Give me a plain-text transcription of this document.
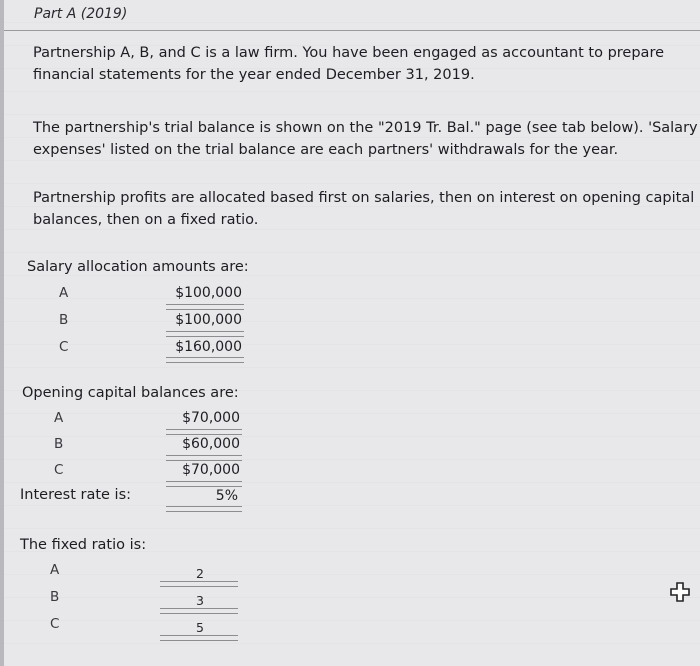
Part A (2019)
Partnership A, B, and C is a law firm. You have been engaged as accountant to prepare financial statements for the year ended December 31, 2019.
The partnership's trial balance is shown on the "2019 Tr. Bal." page (see tab below). 'Salary expenses' listed on the trial balance are each partners' withdrawals for the year.
Partnership profits are allocated based first on salaries, then on interest on opening capital balances, then on a fixed ratio.
Salary allocation amounts are:
A	$100,000
B	$100,000
C	$160,000
Opening capital balances are:
A	$70,000
B	$60,000
C	$70,000
Interest rate is:	5%
The fixed ratio is:
A	2
B	3
C	5
